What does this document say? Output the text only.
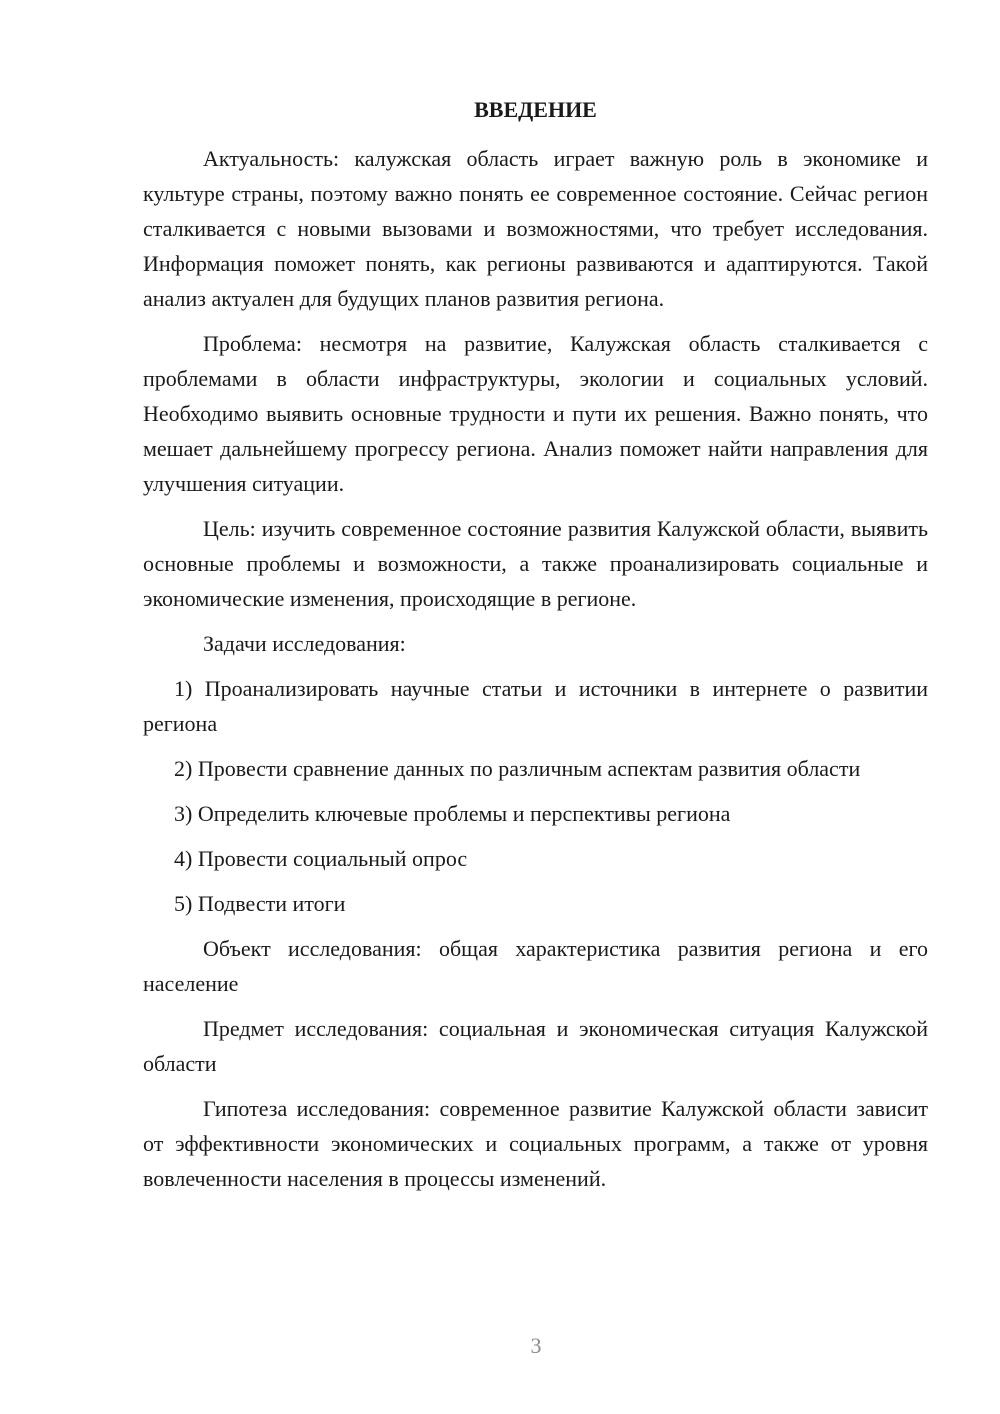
ВВЕДЕНИЕ

Актуальность: калужская область играет важную роль в экономике и культуре страны, поэтому важно понять ее современное состояние. Сейчас регион сталкивается с новыми вызовами и возможностями, что требует исследования. Информация поможет понять, как регионы развиваются и адаптируются. Такой анализ актуален для будущих планов развития региона.

Проблема: несмотря на развитие, Калужская область сталкивается с проблемами в области инфраструктуры, экологии и социальных условий. Необходимо выявить основные трудности и пути их решения. Важно понять, что мешает дальнейшему прогрессу региона. Анализ поможет найти направления для улучшения ситуации.

Цель: изучить современное состояние развития Калужской области, выявить основные проблемы и возможности, а также проанализировать социальные и экономические изменения, происходящие в регионе.

Задачи исследования:

1) Проанализировать научные статьи и источники в интернете о развитии региона

2) Провести сравнение данных по различным аспектам развития области

3) Определить ключевые проблемы и перспективы региона

4) Провести социальный опрос

5) Подвести итоги

Объект исследования: общая характеристика развития региона и его население

Предмет исследования: социальная и экономическая ситуация Калужской области

Гипотеза исследования: современное развитие Калужской области зависит от эффективности экономических и социальных программ, а также от уровня вовлеченности населения в процессы изменений.

3
